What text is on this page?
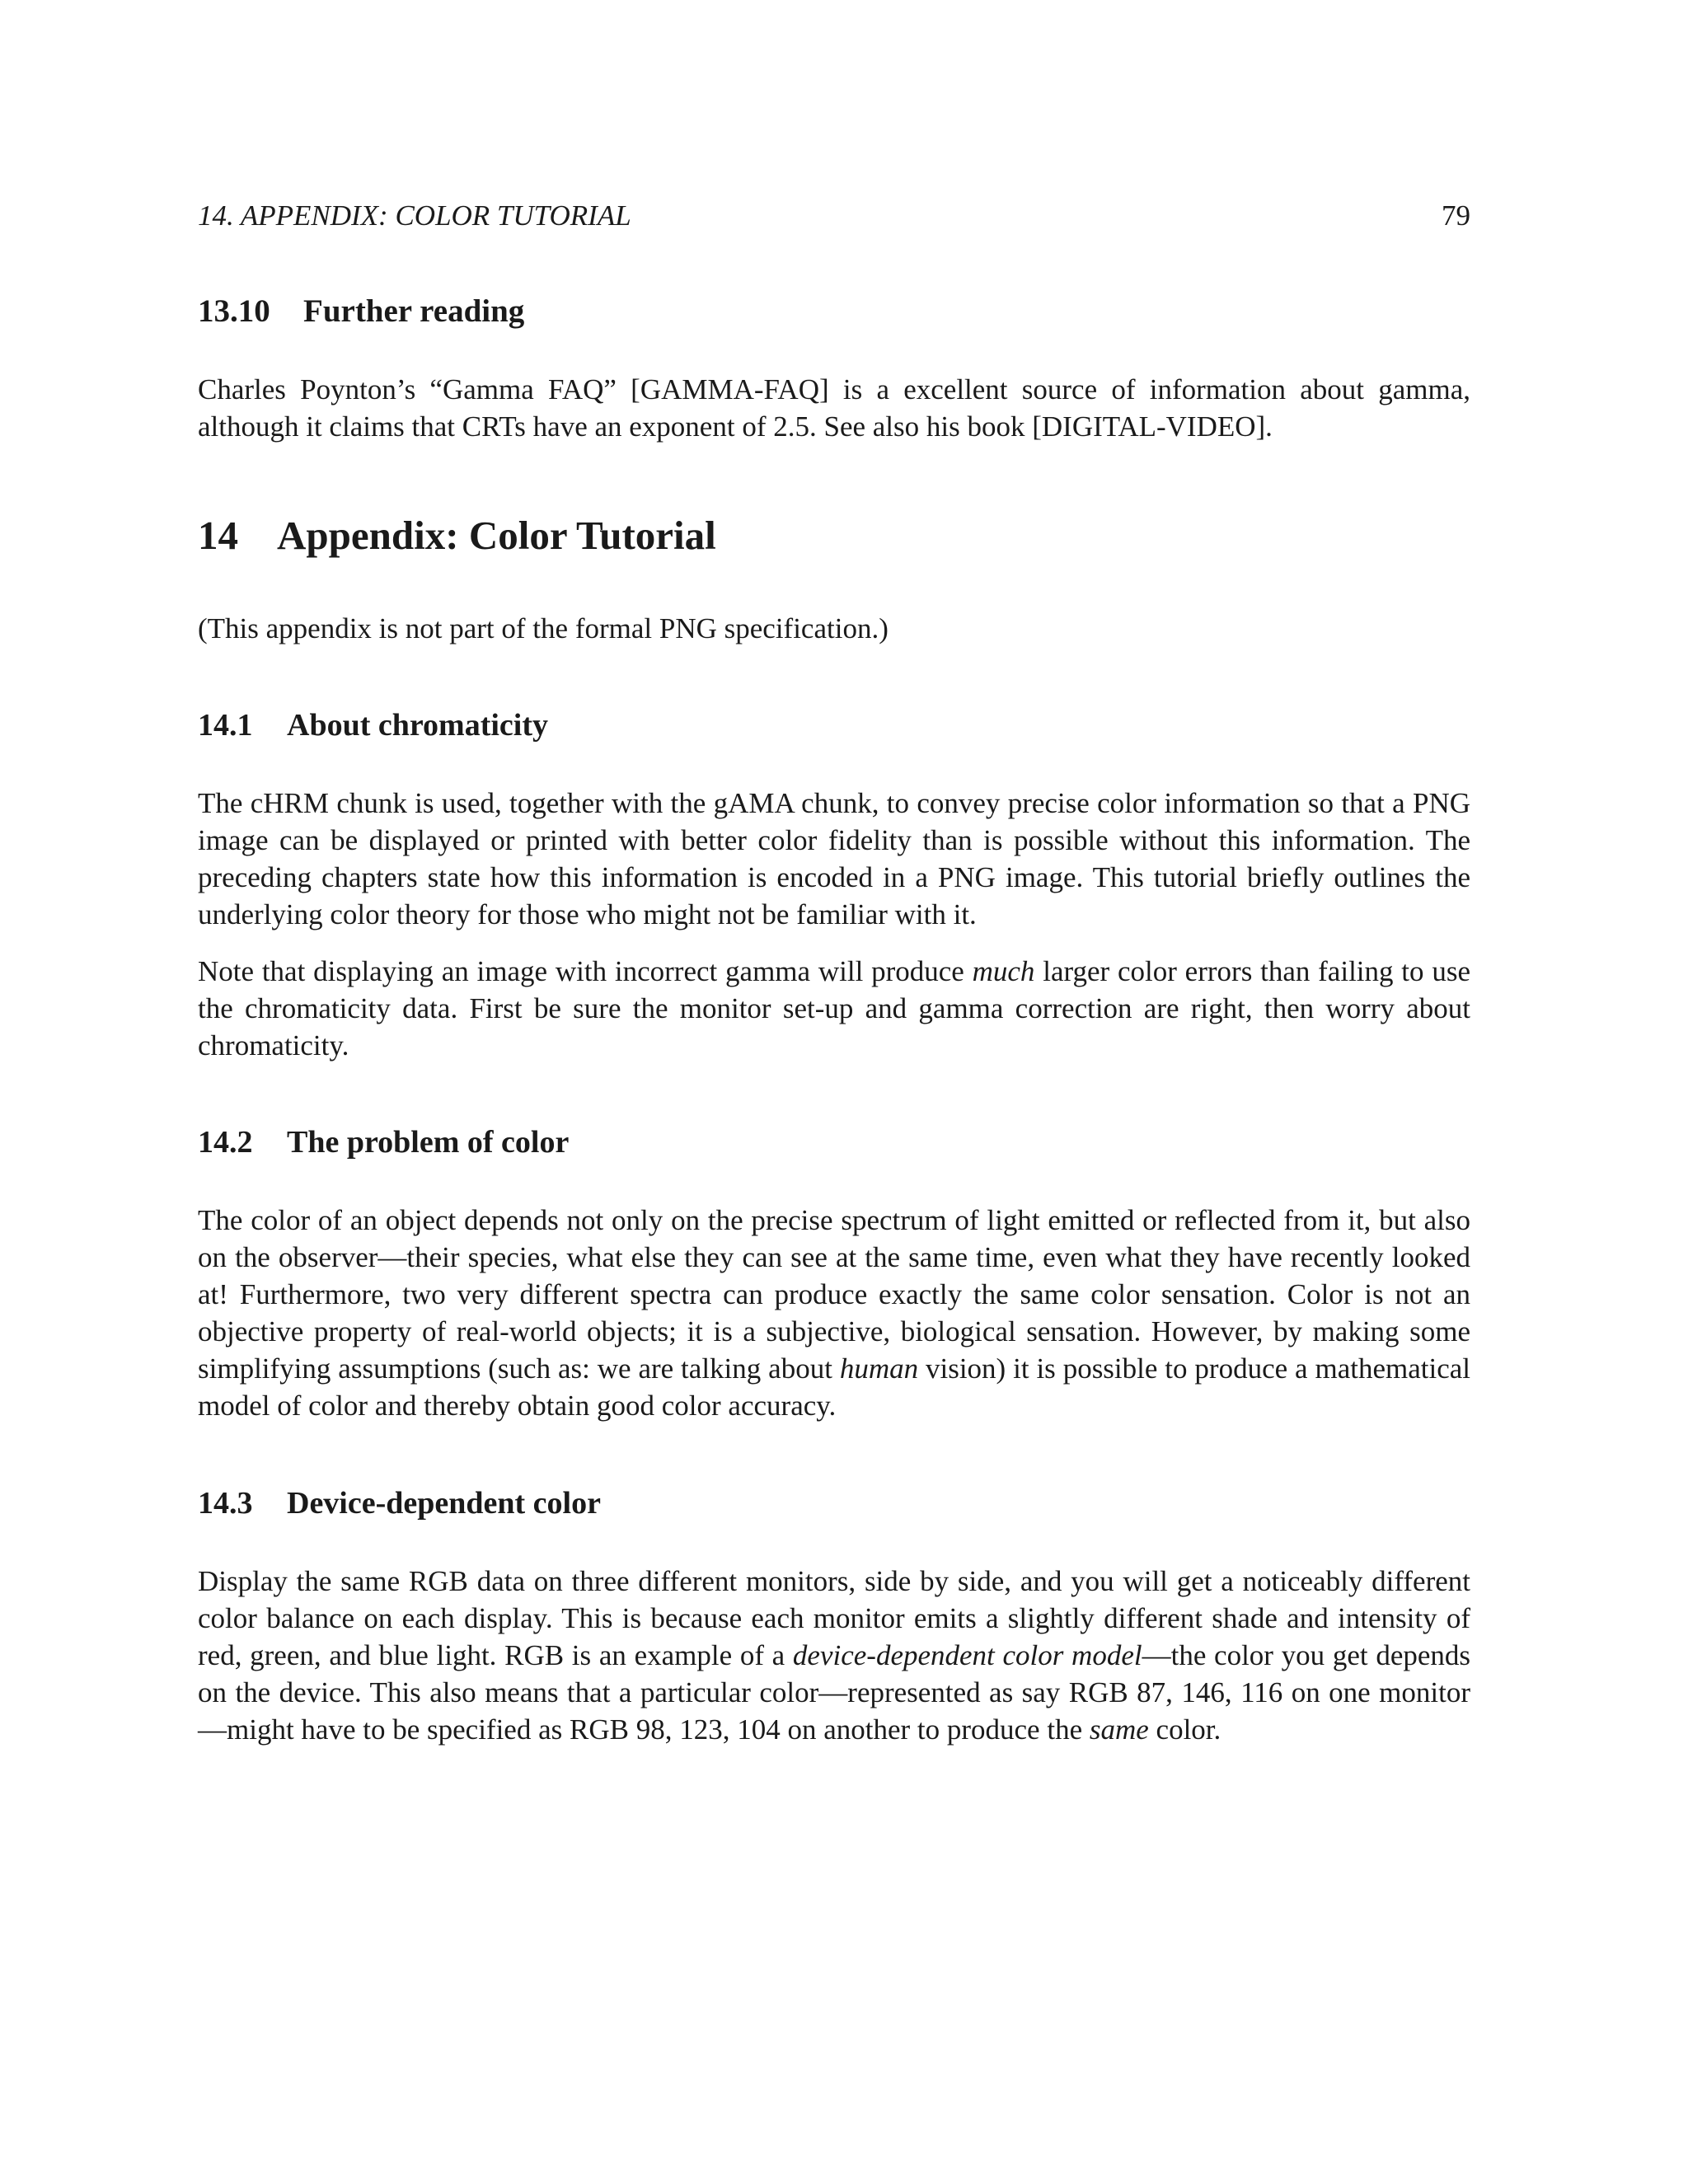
14. APPENDIX: COLOR TUTORIAL	79
13.10 Further reading

Charles Poynton’s “Gamma FAQ” [GAMMA-FAQ] is a excellent source of information about gamma, although it claims that CRTs have an exponent of 2.5. See also his book [DIGITAL-VIDEO].

14 Appendix: Color Tutorial

(This appendix is not part of the formal PNG specification.)

14.1 About chromaticity

The cHRM chunk is used, together with the gAMA chunk, to convey precise color information so that a PNG image can be displayed or printed with better color fidelity than is possible without this information. The preceding chapters state how this information is encoded in a PNG image. This tutorial briefly outlines the underlying color theory for those who might not be familiar with it.

Note that displaying an image with incorrect gamma will produce much larger color errors than failing to use the chromaticity data. First be sure the monitor set-up and gamma correction are right, then worry about chromaticity.

14.2 The problem of color

The color of an object depends not only on the precise spectrum of light emitted or reflected from it, but also on the observer—their species, what else they can see at the same time, even what they have recently looked at! Furthermore, two very different spectra can produce exactly the same color sensation. Color is not an objective property of real-world objects; it is a subjective, biological sensation. However, by making some simplifying assumptions (such as: we are talking about human vision) it is possible to produce a mathematical model of color and thereby obtain good color accuracy.

14.3 Device-dependent color

Display the same RGB data on three different monitors, side by side, and you will get a noticeably different color balance on each display. This is because each monitor emits a slightly different shade and intensity of red, green, and blue light. RGB is an example of a device-dependent color model—the color you get depends on the device. This also means that a particular color—represented as say RGB 87, 146, 116 on one monitor—might have to be specified as RGB 98, 123, 104 on another to produce the same color.
